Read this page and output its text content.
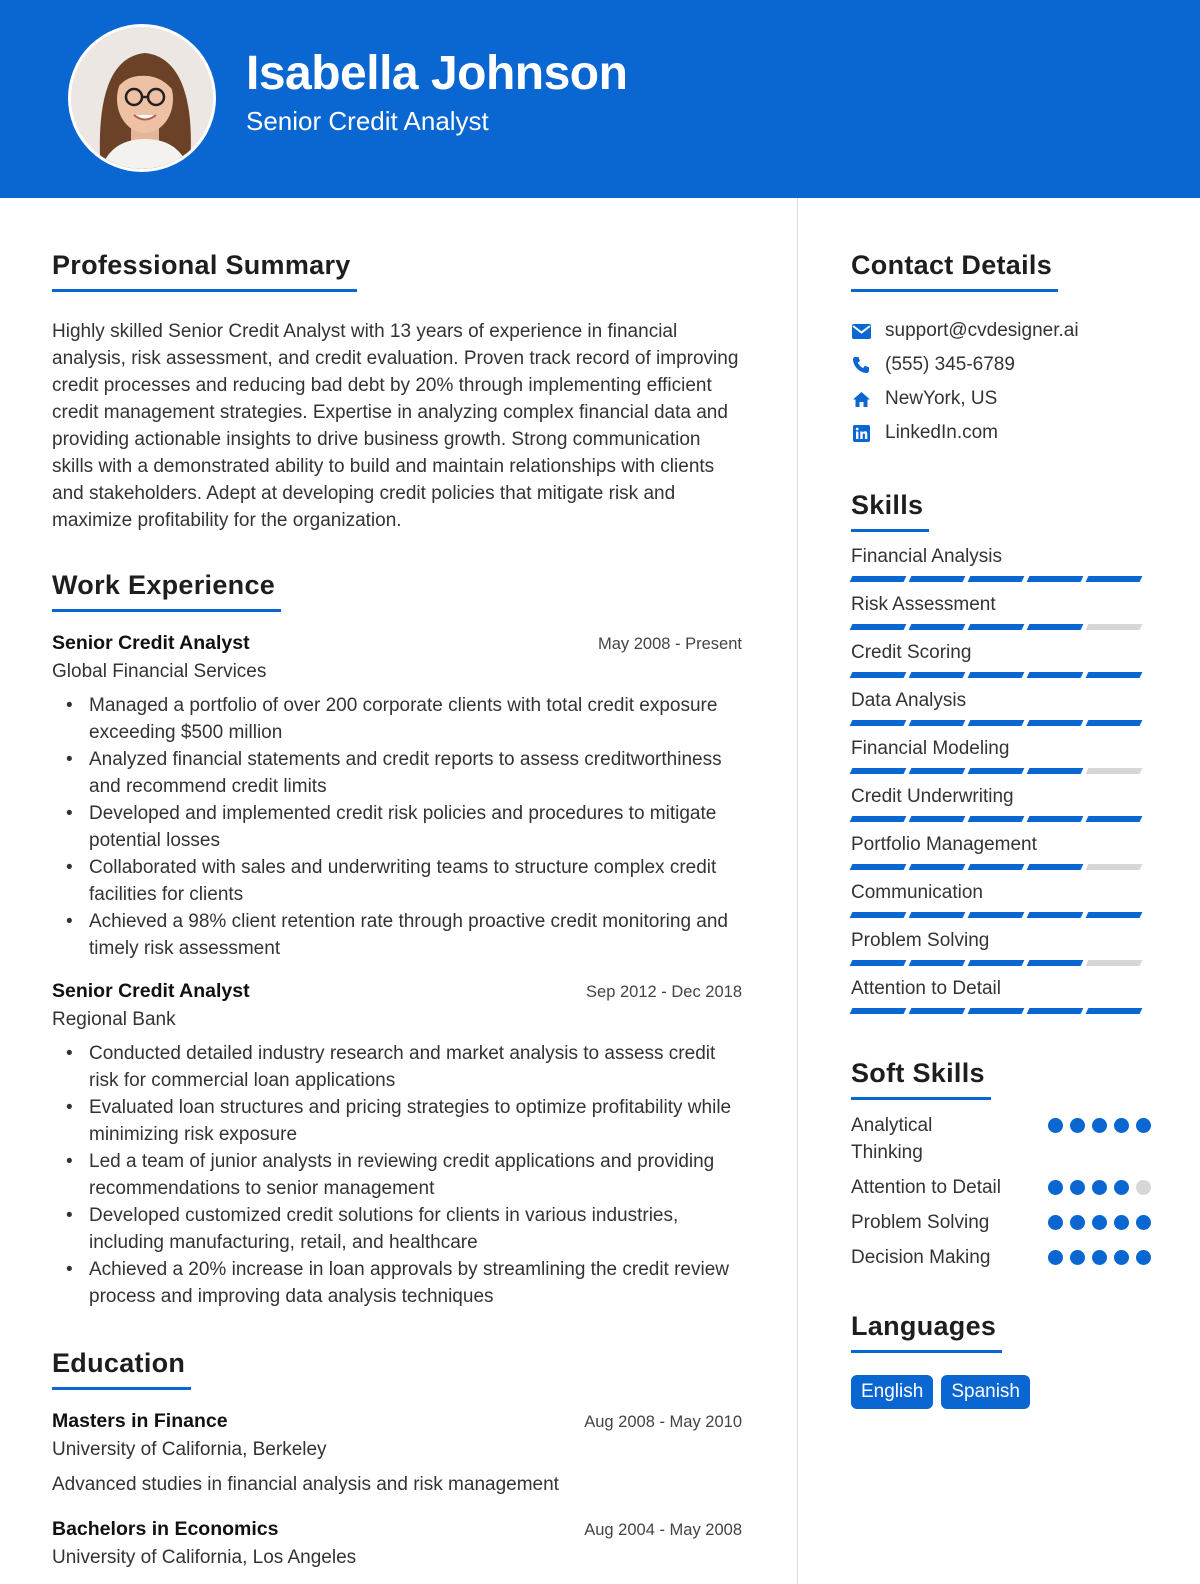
Isabella Johnson
Senior Credit Analyst
Professional Summary

Highly skilled Senior Credit Analyst with 13 years of experience in financial analysis, risk assessment, and credit evaluation. Proven track record of improving credit processes and reducing bad debt by 20% through implementing efficient credit management strategies. Expertise in analyzing complex financial data and providing actionable insights to drive business growth. Strong communication skills with a demonstrated ability to build and maintain relationships with clients and stakeholders. Adept at developing credit policies that mitigate risk and maximize profitability for the organization.

Work Experience
Senior Credit Analyst	May 2008 - Present
Global Financial Services
• Managed a portfolio of over 200 corporate clients with total credit exposure exceeding $500 million
• Analyzed financial statements and credit reports to assess creditworthiness and recommend credit limits
• Developed and implemented credit risk policies and procedures to mitigate potential losses
• Collaborated with sales and underwriting teams to structure complex credit facilities for clients
• Achieved a 98% client retention rate through proactive credit monitoring and timely risk assessment
Senior Credit Analyst	Sep 2012 - Dec 2018
Regional Bank
• Conducted detailed industry research and market analysis to assess credit risk for commercial loan applications
• Evaluated loan structures and pricing strategies to optimize profitability while minimizing risk exposure
• Led a team of junior analysts in reviewing credit applications and providing recommendations to senior management
• Developed customized credit solutions for clients in various industries, including manufacturing, retail, and healthcare
• Achieved a 20% increase in loan approvals by streamlining the credit review process and improving data analysis techniques
Education
Masters in Finance	Aug 2008 - May 2010
University of California, Berkeley
Advanced studies in financial analysis and risk management
Bachelors in Economics	Aug 2004 - May 2008
University of California, Los Angeles
Contact Details
support@cvdesigner.ai
(555) 345-6789
NewYork, US
LinkedIn.com
Skills
Financial Analysis
Risk Assessment
Credit Scoring
Data Analysis
Financial Modeling
Credit Underwriting
Portfolio Management
Communication
Problem Solving
Attention to Detail
Soft Skills
Analytical Thinking
Attention to Detail
Problem Solving
Decision Making
Languages
English	Spanish
